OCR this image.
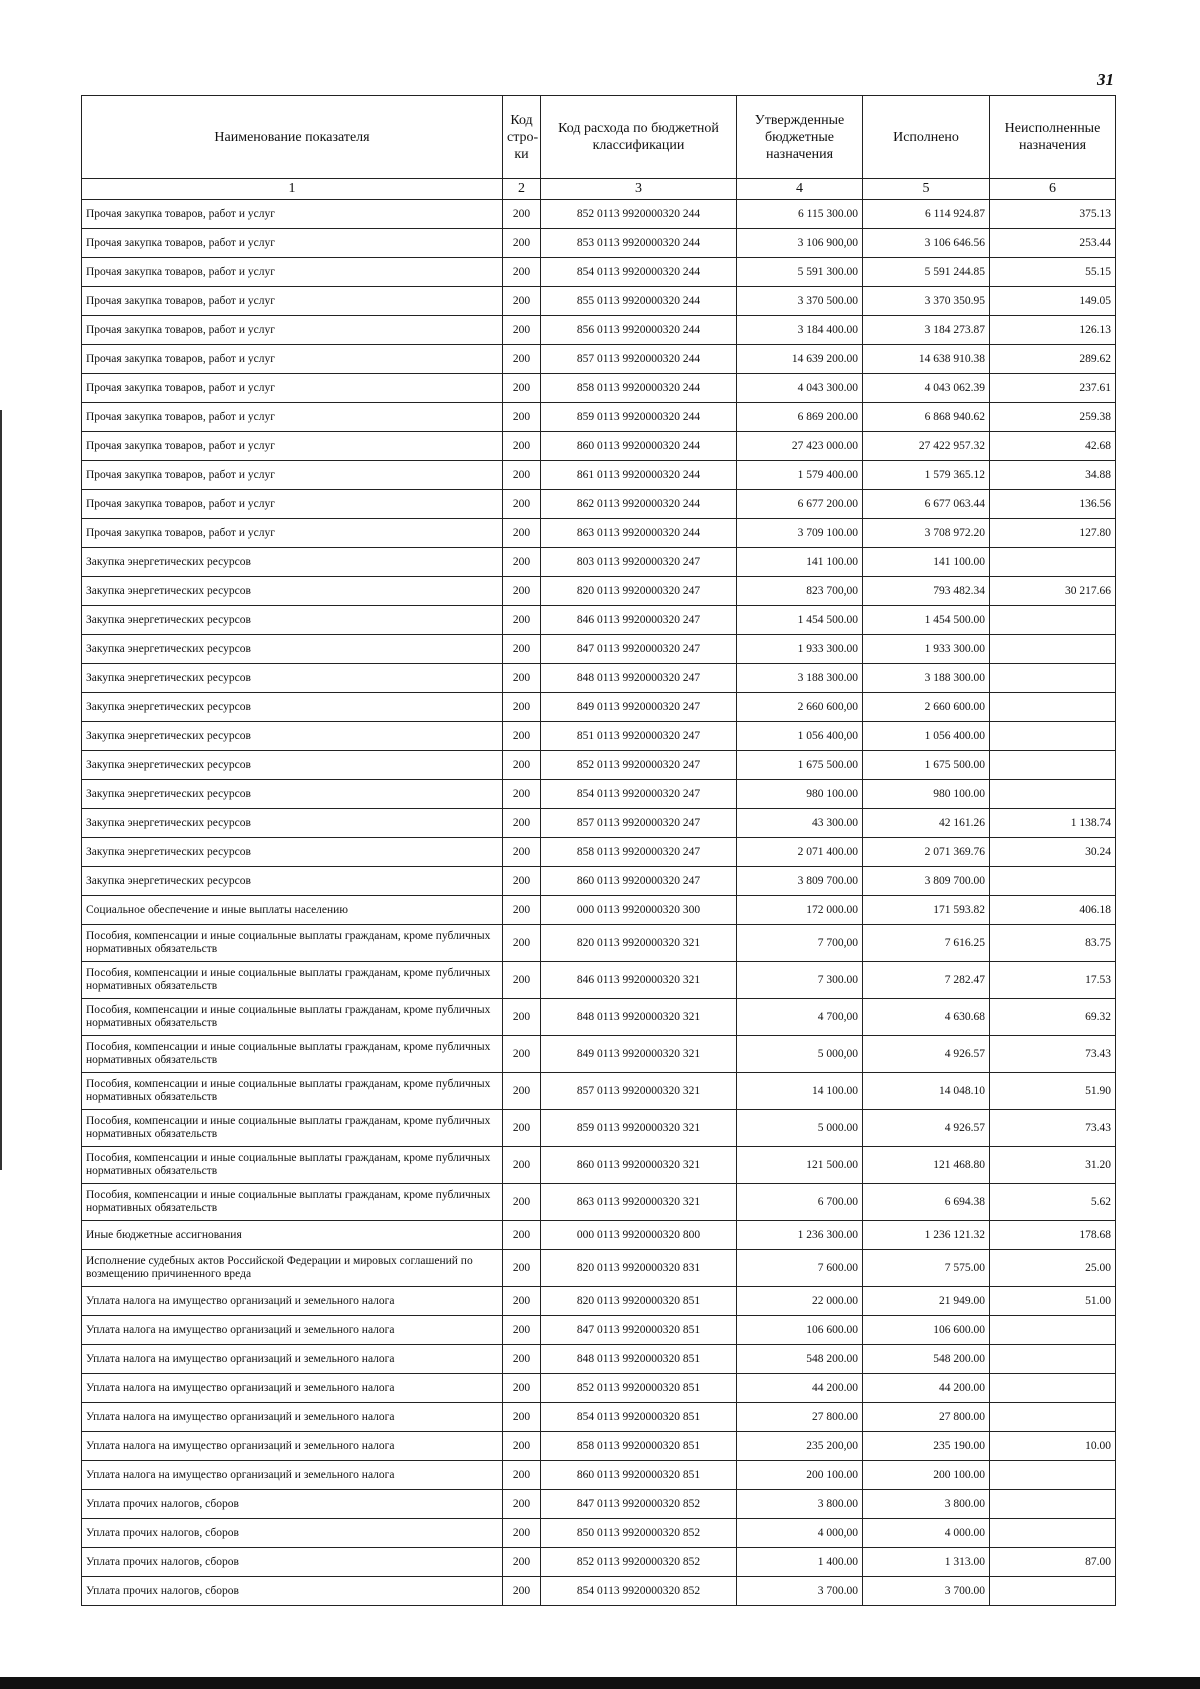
31
Наименование показателя	Код стро-ки	Код расхода по бюджетной классификации	Утвержденные бюджетные назначения	Исполнено	Неисполненные назначения
1	2	3	4	5	6
Прочая закупка товаров, работ и услуг	200	852 0113 9920000320 244	6 115 300.00	6 114 924.87	375.13
Прочая закупка товаров, работ и услуг	200	853 0113 9920000320 244	3 106 900,00	3 106 646.56	253.44
Прочая закупка товаров, работ и услуг	200	854 0113 9920000320 244	5 591 300.00	5 591 244.85	55.15
Прочая закупка товаров, работ и услуг	200	855 0113 9920000320 244	3 370 500.00	3 370 350.95	149.05
Прочая закупка товаров, работ и услуг	200	856 0113 9920000320 244	3 184 400.00	3 184 273.87	126.13
Прочая закупка товаров, работ и услуг	200	857 0113 9920000320 244	14 639 200.00	14 638 910.38	289.62
Прочая закупка товаров, работ и услуг	200	858 0113 9920000320 244	4 043 300.00	4 043 062.39	237.61
Прочая закупка товаров, работ и услуг	200	859 0113 9920000320 244	6 869 200.00	6 868 940.62	259.38
Прочая закупка товаров, работ и услуг	200	860 0113 9920000320 244	27 423 000.00	27 422 957.32	42.68
Прочая закупка товаров, работ и услуг	200	861 0113 9920000320 244	1 579 400.00	1 579 365.12	34.88
Прочая закупка товаров, работ и услуг	200	862 0113 9920000320 244	6 677 200.00	6 677 063.44	136.56
Прочая закупка товаров, работ и услуг	200	863 0113 9920000320 244	3 709 100.00	3 708 972.20	127.80
Закупка энергетических ресурсов	200	803 0113 9920000320 247	141 100.00	141 100.00	
Закупка энергетических ресурсов	200	820 0113 9920000320 247	823 700,00	793 482.34	30 217.66
Закупка энергетических ресурсов	200	846 0113 9920000320 247	1 454 500.00	1 454 500.00	
Закупка энергетических ресурсов	200	847 0113 9920000320 247	1 933 300.00	1 933 300.00	
Закупка энергетических ресурсов	200	848 0113 9920000320 247	3 188 300.00	3 188 300.00	
Закупка энергетических ресурсов	200	849 0113 9920000320 247	2 660 600,00	2 660 600.00	
Закупка энергетических ресурсов	200	851 0113 9920000320 247	1 056 400,00	1 056 400.00	
Закупка энергетических ресурсов	200	852 0113 9920000320 247	1 675 500.00	1 675 500.00	
Закупка энергетических ресурсов	200	854 0113 9920000320 247	980 100.00	980 100.00	
Закупка энергетических ресурсов	200	857 0113 9920000320 247	43 300.00	42 161.26	1 138.74
Закупка энергетических ресурсов	200	858 0113 9920000320 247	2 071 400.00	2 071 369.76	30.24
Закупка энергетических ресурсов	200	860 0113 9920000320 247	3 809 700.00	3 809 700.00	
Социальное обеспечение и иные выплаты населению	200	000 0113 9920000320 300	172 000.00	171 593.82	406.18
Пособия, компенсации и иные социальные выплаты гражданам, кроме публичных нормативных обязательств	200	820 0113 9920000320 321	7 700,00	7 616.25	83.75
Пособия, компенсации и иные социальные выплаты гражданам, кроме публичных нормативных обязательств	200	846 0113 9920000320 321	7 300.00	7 282.47	17.53
Пособия, компенсации и иные социальные выплаты гражданам, кроме публичных нормативных обязательств	200	848 0113 9920000320 321	4 700,00	4 630.68	69.32
Пособия, компенсации и иные социальные выплаты гражданам, кроме публичных нормативных обязательств	200	849 0113 9920000320 321	5 000,00	4 926.57	73.43
Пособия, компенсации и иные социальные выплаты гражданам, кроме публичных нормативных обязательств	200	857 0113 9920000320 321	14 100.00	14 048.10	51.90
Пособия, компенсации и иные социальные выплаты гражданам, кроме публичных нормативных обязательств	200	859 0113 9920000320 321	5 000.00	4 926.57	73.43
Пособия, компенсации и иные социальные выплаты гражданам, кроме публичных нормативных обязательств	200	860 0113 9920000320 321	121 500.00	121 468.80	31.20
Пособия, компенсации и иные социальные выплаты гражданам, кроме публичных нормативных обязательств	200	863 0113 9920000320 321	6 700.00	6 694.38	5.62
Иные бюджетные ассигнования	200	000 0113 9920000320 800	1 236 300.00	1 236 121.32	178.68
Исполнение судебных актов Российской Федерации и мировых соглашений по возмещению причиненного вреда	200	820 0113 9920000320 831	7 600.00	7 575.00	25.00
Уплата налога на имущество организаций и земельного налога	200	820 0113 9920000320 851	22 000.00	21 949.00	51.00
Уплата налога на имущество организаций и земельного налога	200	847 0113 9920000320 851	106 600.00	106 600.00	
Уплата налога на имущество организаций и земельного налога	200	848 0113 9920000320 851	548 200.00	548 200.00	
Уплата налога на имущество организаций и земельного налога	200	852 0113 9920000320 851	44 200.00	44 200.00	
Уплата налога на имущество организаций и земельного налога	200	854 0113 9920000320 851	27 800.00	27 800.00	
Уплата налога на имущество организаций и земельного налога	200	858 0113 9920000320 851	235 200,00	235 190.00	10.00
Уплата налога на имущество организаций и земельного налога	200	860 0113 9920000320 851	200 100.00	200 100.00	
Уплата прочих налогов, сборов	200	847 0113 9920000320 852	3 800.00	3 800.00	
Уплата прочих налогов, сборов	200	850 0113 9920000320 852	4 000,00	4 000.00	
Уплата прочих налогов, сборов	200	852 0113 9920000320 852	1 400.00	1 313.00	87.00
Уплата прочих налогов, сборов	200	854 0113 9920000320 852	3 700.00	3 700.00	
